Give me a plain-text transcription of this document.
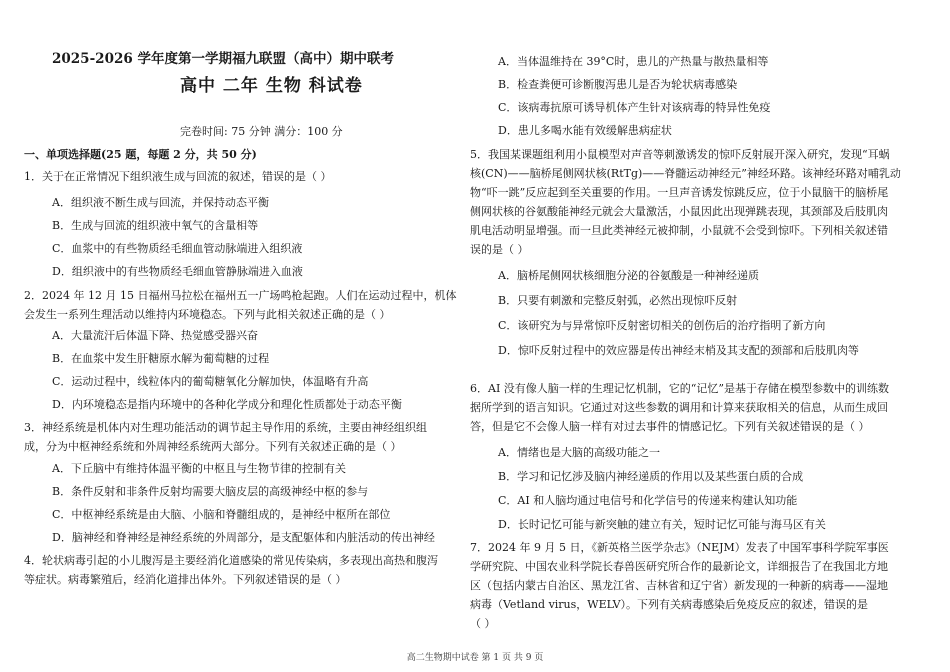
2025-2026 学年度第一学期福九联盟（高中）期中联考
高中 二年 生物 科试卷
完卷时间: 75 分钟 满分：100 分
一、单项选择题(25 题，每题 2 分，共 50 分)
1．关于在正常情况下组织液生成与回流的叙述，错误的是（ ）
A．组织液不断生成与回流，并保持动态平衡
B．生成与回流的组织液中氧气的含量相等
C．血浆中的有些物质经毛细血管动脉端进入组织液
D．组织液中的有些物质经毛细血管静脉端进入血液
2．2024 年 12 月 15 日福州马拉松在福州五一广场鸣枪起跑。人们在运动过程中，机体
会发生一系列生理活动以维持内环境稳态。下列与此相关叙述正确的是（ ）
A．大量流汗后体温下降、热觉感受器兴奋
B．在血浆中发生肝糖原水解为葡萄糖的过程
C．运动过程中，线粒体内的葡萄糖氧化分解加快，体温略有升高
D．内环境稳态是指内环境中的各种化学成分和理化性质都处于动态平衡
3．神经系统是机体内对生理功能活动的调节起主导作用的系统，主要由神经组织组
成，分为中枢神经系统和外周神经系统两大部分。下列有关叙述正确的是（ ）
A．下丘脑中有维持体温平衡的中枢且与生物节律的控制有关
B．条件反射和非条件反射均需要大脑皮层的高级神经中枢的参与
C．中枢神经系统是由大脑、小脑和脊髓组成的，是神经中枢所在部位
D．脑神经和脊神经是神经系统的外周部分，是支配躯体和内脏活动的传出神经
4．轮状病毒引起的小儿腹泻是主要经消化道感染的常见传染病，多表现出高热和腹泻
等症状。病毒繁殖后，经消化道排出体外。下列叙述错误的是（ ）
A．当体温维持在 39°C时，患儿的产热量与散热量相等
B．检查粪便可诊断腹泻患儿是否为轮状病毒感染
C．该病毒抗原可诱导机体产生针对该病毒的特异性免疫
D．患儿多喝水能有效缓解患病症状
5．我国某课题组利用小鼠模型对声音等刺激诱发的惊吓反射展开深入研究，发现“耳蜗
核(CN)——脑桥尾侧网状核(RtTg)——脊髓运动神经元”神经环路。该神经环路对哺乳动
物“吓一跳”反应起到至关重要的作用。一旦声音诱发惊跳反应，位于小鼠脑干的脑桥尾
侧网状核的谷氨酸能神经元就会大量激活，小鼠因此出现弹跳表现，其颈部及后肢肌肉
肌电活动明显增强。而一旦此类神经元被抑制，小鼠就不会受到惊吓。下列相关叙述错
误的是（ ）
A．脑桥尾侧网状核细胞分泌的谷氨酸是一种神经递质
B．只要有刺激和完整反射弧，必然出现惊吓反射
C．该研究为与异常惊吓反射密切相关的创伤后的治疗指明了新方向
D．惊吓反射过程中的效应器是传出神经末梢及其支配的颈部和后肢肌肉等
6．AI 没有像人脑一样的生理记忆机制，它的“记忆”是基于存储在模型参数中的训练数
据所学到的语言知识。它通过对这些参数的调用和计算来获取相关的信息，从而生成回
答，但是它不会像人脑一样有对过去事件的情感记忆。下列有关叙述错误的是（ ）
A．情绪也是大脑的高级功能之一
B．学习和记忆涉及脑内神经递质的作用以及某些蛋白质的合成
C．AI 和人脑均通过电信号和化学信号的传递来构建认知功能
D．长时记忆可能与新突触的建立有关，短时记忆可能与海马区有关
7．2024 年 9 月 5 日，《新英格兰医学杂志》（NEJM）发表了中国军事科学院军事医
学研究院、中国农业科学院长春兽医研究所合作的最新论文，详细报告了在我国北方地
区（包括内蒙古自治区、黑龙江省、吉林省和辽宁省）新发现的一种新的病毒——湿地
病毒（Vetland virus，WELV）。下列有关病毒感染后免疫反应的叙述，错误的是
（ ）
高二生物期中试卷 第 1 页 共 9 页
